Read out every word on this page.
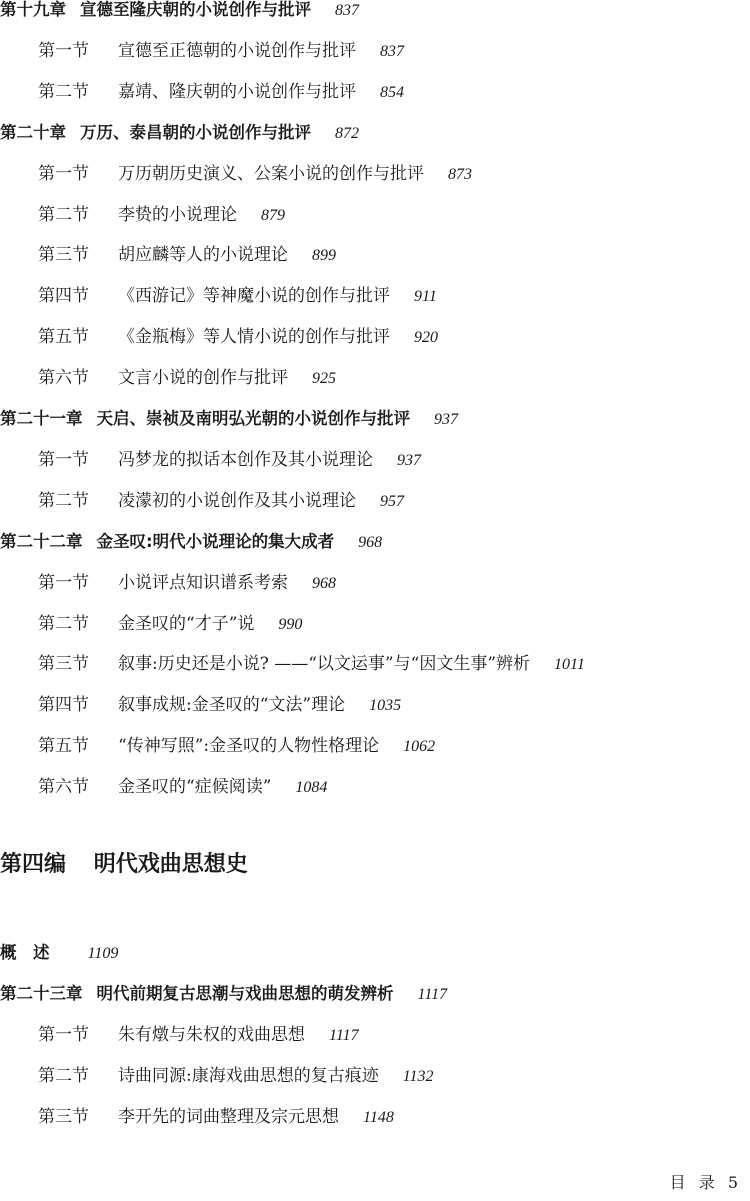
第十九章 宣德至隆庆朝的小说创作与批评 837
第一节 宣德至正德朝的小说创作与批评 837
第二节 嘉靖、隆庆朝的小说创作与批评 854
第二十章 万历、泰昌朝的小说创作与批评 872
第一节 万历朝历史演义、公案小说的创作与批评 873
第二节 李贽的小说理论 879
第三节 胡应麟等人的小说理论 899
第四节 《西游记》等神魔小说的创作与批评 911
第五节 《金瓶梅》等人情小说的创作与批评 920
第六节 文言小说的创作与批评 925
第二十一章 天启、崇祯及南明弘光朝的小说创作与批评 937
第一节 冯梦龙的拟话本创作及其小说理论 937
第二节 凌濛初的小说创作及其小说理论 957
第二十二章 金圣叹:明代小说理论的集大成者 968
第一节 小说评点知识谱系考索 968
第二节 金圣叹的“才子”说 990
第三节 叙事:历史还是小说? ——“以文运事”与“因文生事”辨析 1011
第四节 叙事成规:金圣叹的“文法”理论 1035
第五节 “传神写照”:金圣叹的人物性格理论 1062
第六节 金圣叹的“症候阅读” 1084
概　述 1109
第二十三章 明代前期复古思潮与戏曲思想的萌发辨析 1117
第一节 朱有燉与朱权的戏曲思想 1117
第二节 诗曲同源:康海戏曲思想的复古痕迹 1132
第三节 李开先的词曲整理及宗元思想 1148
第四编 明代戏曲思想史
目 录 5
